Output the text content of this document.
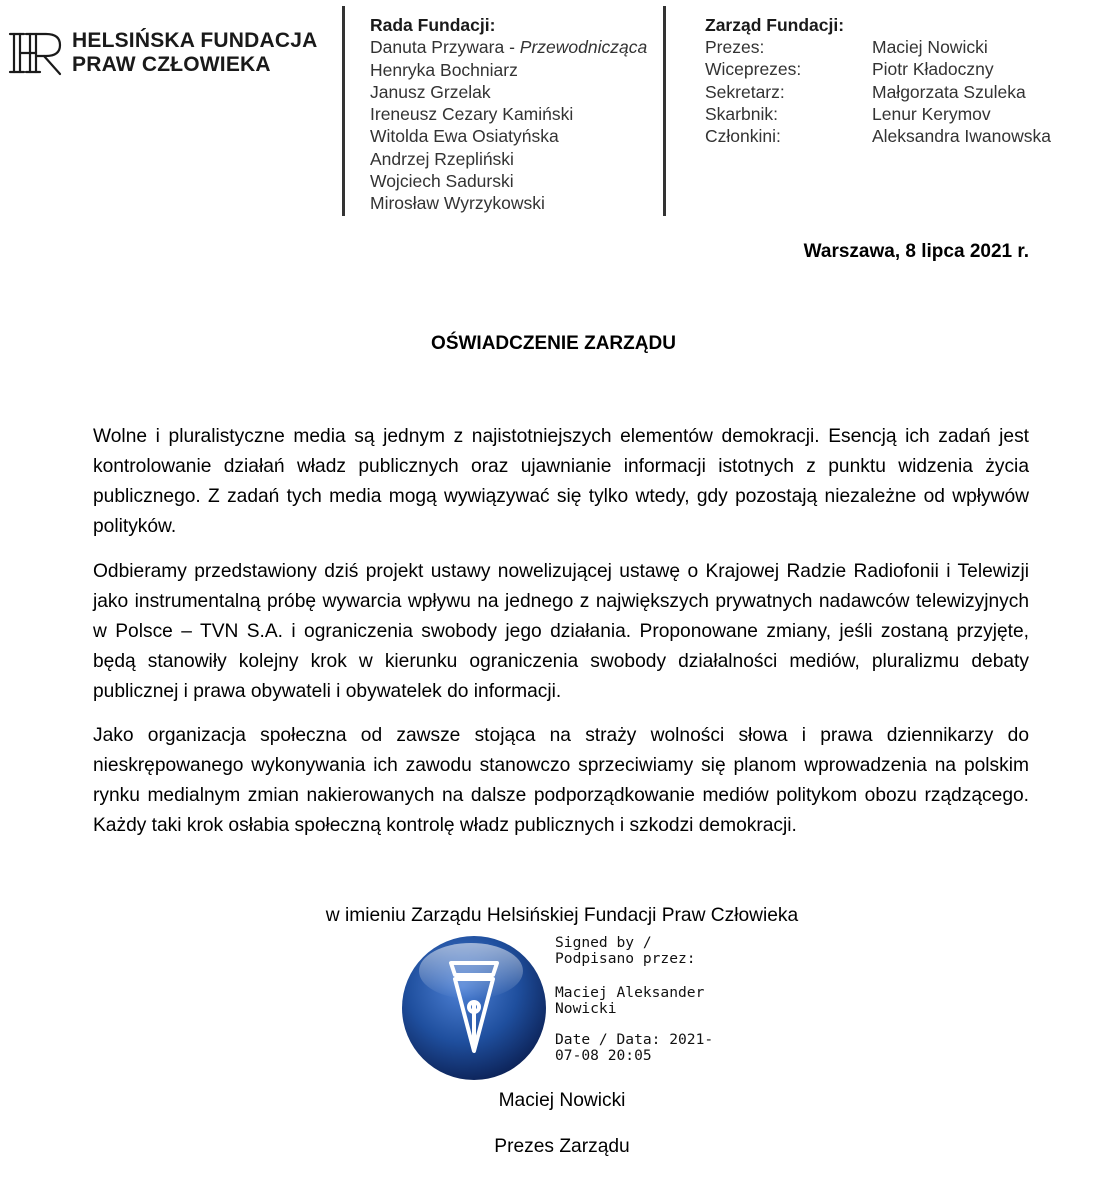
HELSIŃSKA FUNDACJA
PRAW CZŁOWIEKA
Rada Fundacji:
Danuta Przywara - Przewodnicząca
Henryka Bochniarz
Janusz Grzelak
Ireneusz Cezary Kamiński
Witolda Ewa Osiatyńska
Andrzej Rzepliński
Wojciech Sadurski
Mirosław Wyrzykowski
Zarząd Fundacji:
Prezes:
Wiceprezes:
Sekretarz:
Skarbnik:
Członkini:
Maciej Nowicki
Piotr Kładoczny
Małgorzata Szuleka
Lenur Kerymov
Aleksandra Iwanowska
Warszawa, 8 lipca 2021 r.
OŚWIADCZENIE ZARZĄDU

Wolne i pluralistyczne media są jednym z najistotniejszych elementów demokracji. Esencją ich zadań jest kontrolowanie działań władz publicznych oraz ujawnianie informacji istotnych z punktu widzenia życia publicznego. Z zadań tych media mogą wywiązywać się tylko wtedy, gdy pozostają niezależne od wpływów polityków.

Odbieramy przedstawiony dziś projekt ustawy nowelizującej ustawę o Krajowej Radzie Radiofonii i Telewizji jako instrumentalną próbę wywarcia wpływu na jednego z największych prywatnych nadawców telewizyjnych w Polsce – TVN S.A. i ograniczenia swobody jego działania. Proponowane zmiany, jeśli zostaną przyjęte, będą stanowiły kolejny krok w kierunku ograniczenia swobody działalności mediów, pluralizmu debaty publicznej i prawa obywateli i obywatelek do informacji.

Jako organizacja społeczna od zawsze stojąca na straży wolności słowa i prawa dziennikarzy do nieskrępowanego wykonywania ich zawodu stanowczo sprzeciwiamy się planom wprowadzenia na polskim rynku medialnym zmian nakierowanych na dalsze podporządkowanie mediów politykom obozu rządzącego. Każdy taki krok osłabia społeczną kontrolę władz publicznych i szkodzi demokracji.

w imieniu Zarządu Helsińskiej Fundacji Praw Człowieka
Signed by /
Podpisano przez:
Maciej Aleksander
Nowicki
Date / Data: 2021-
07-08 20:05
Maciej Nowicki
Prezes Zarządu
